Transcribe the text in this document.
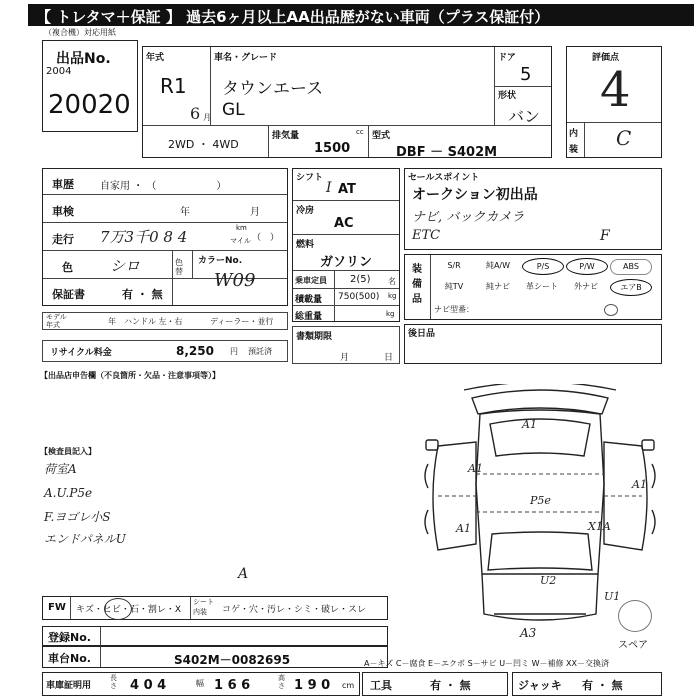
【 トレタマ＋保証 】 過去6ヶ月以上AA出品歴がない車両（プラス保証付）
（複合機）対応用紙
出品No.
2004
20020
年式
R1
6 月
車名・グレード
タウンエース
GL
ドア
5
形状
バン
2WD ・ 4WD
排気量	cc
1500
型式
DBF － S402M
評価点
4
内
装 C
車歴	自家用 ・ （　　　　　　）
車検	年	月
走行 7万3千0 8 4	km
マイル （　）
色 シロ	色替
カラーNo.
W09
保証書	有 ・ 無
モデル年式	年 ハンドル 左・右	ディーラー・並行
リサイクル料金	8,250 円 預託済
【出品店申告欄（不良箇所・欠品・注意事項等）】
シフト
I AT
冷房
AC
燃料
ガソリン
乗車定員 2(5) 名
積載量 750(500) kg
総重量	kg
書類期限
月	日
セールスポイント
オークション初出品
ナビ, バックカメラ
ETC
装備品
S/R	純A/W	P/S	P/W	ABS
純TV	純ナビ	革シート	外ナビ	エアB
ナビ型番：
F
後日品
【検査員記入】
荷室A
A.U.P5e
F.ヨゴレ小S
エンドパネルU
A1
A1
A1
P5e
A1	X1A
U2
U1
A3
スペア
FW キズ・ヒビ・石・割レ・X
シート内装	コゲ・穴・汚レ・シミ・破レ・スレ
A
登録No.
車台No.	S402M－0082695	A－キズ C－腐食 E－エクボ S－サビ U－凹ミ W－補修 XX－交換済
車庫証明用
長さ 4 0 4	幅 1 6 6	高さ 1 9 0 cm 工具	有 ・ 無	ジャッキ 有 ・ 無
